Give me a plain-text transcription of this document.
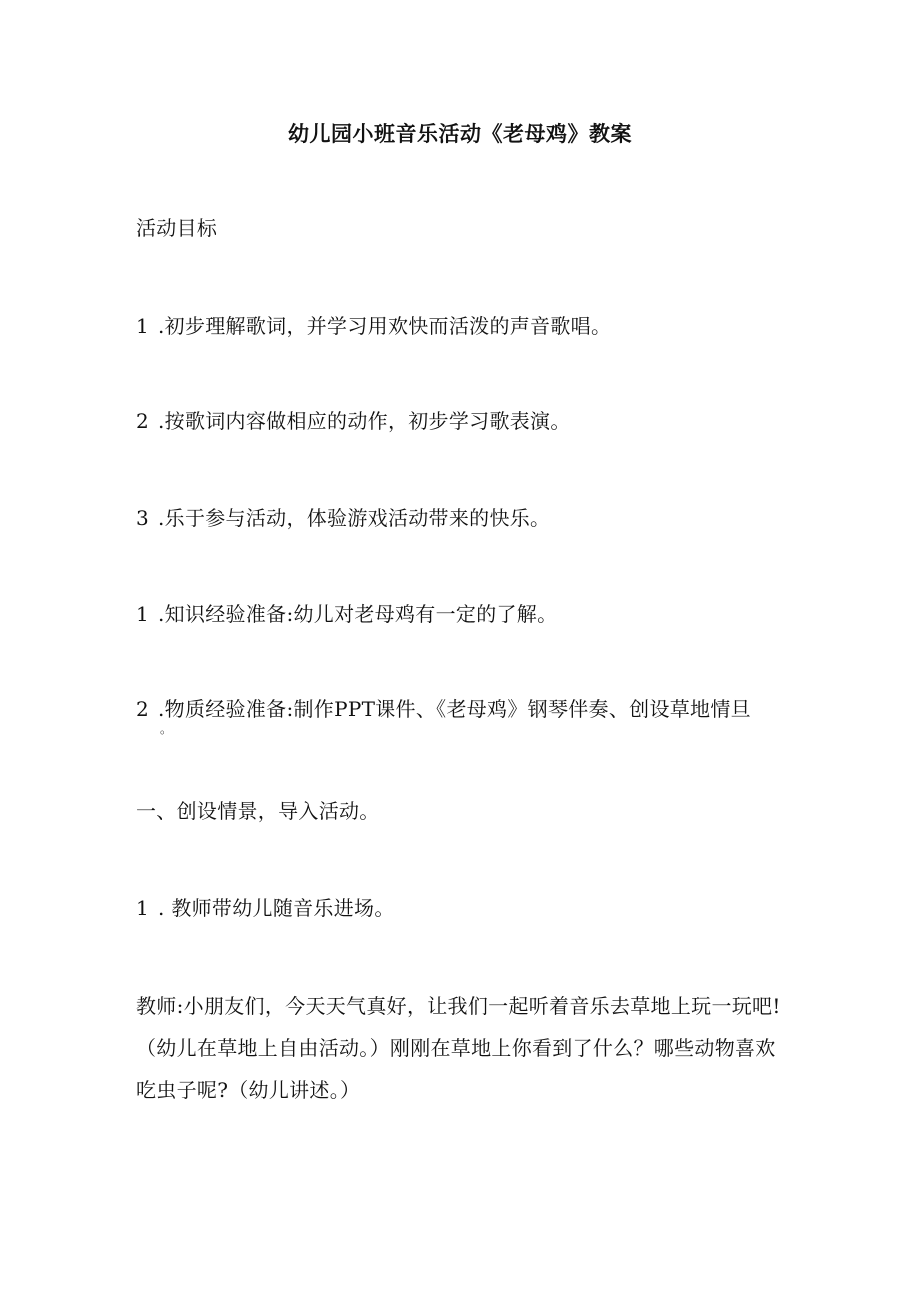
幼儿园小班音乐活动《老母鸡》教案
活动目标
1 .初步理解歌词，并学习用欢快而活泼的声音歌唱。
2 .按歌词内容做相应的动作，初步学习歌表演。
3 .乐于参与活动，体验游戏活动带来的快乐。
1 .知识经验准备:幼儿对老母鸡有一定的了解。
2 .物质经验准备:制作PPT课件、《老母鸡》钢琴伴奏、创设草地情旦
。
一、创设情景，导入活动。
1 . 教师带幼儿随音乐进场。
教师:小朋友们，今天天气真好，让我们一起听着音乐去草地上玩一玩吧!
（幼儿在草地上自由活动。）刚刚在草地上你看到了什么？哪些动物喜欢
吃虫子呢?（幼儿讲述。）
